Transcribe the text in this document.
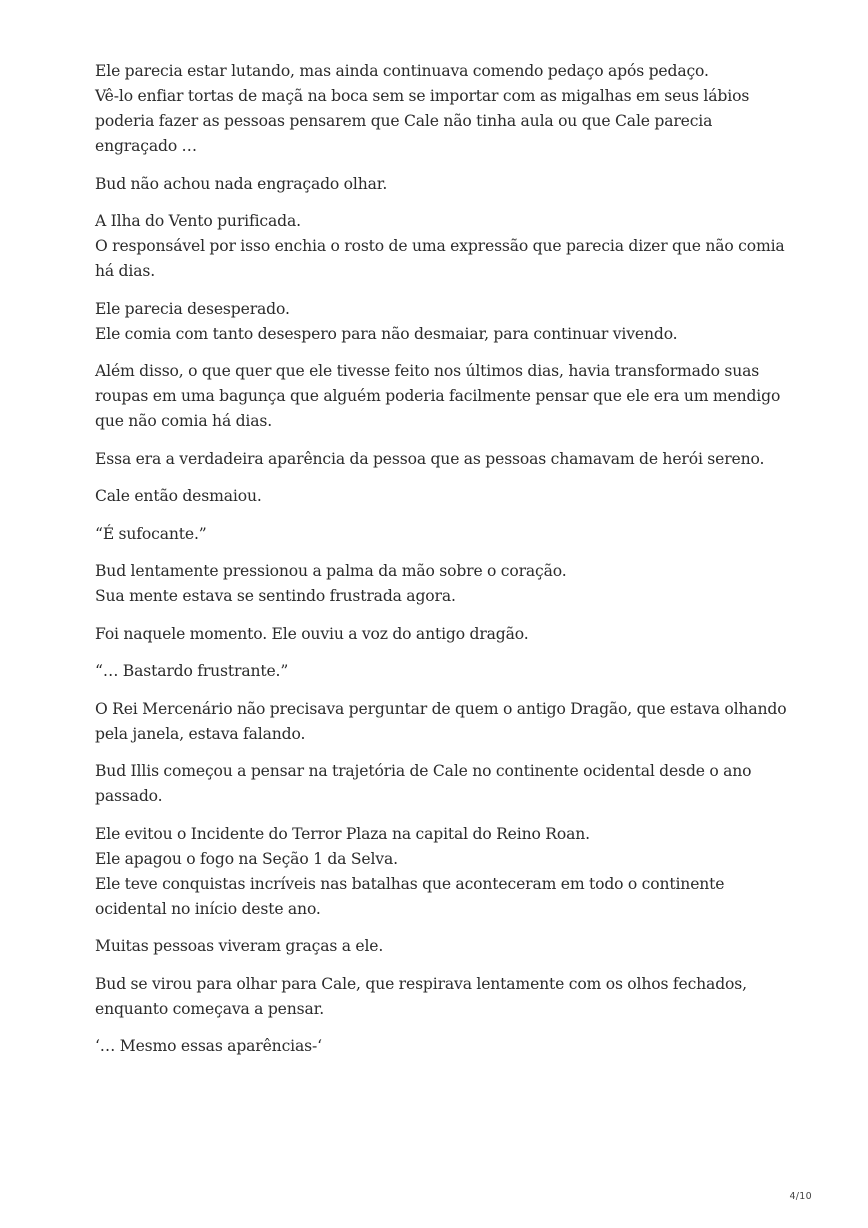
Ele parecia estar lutando, mas ainda continuava comendo pedaço após pedaço.
Vê-lo enfiar tortas de maçã na boca sem se importar com as migalhas em seus lábios
poderia fazer as pessoas pensarem que Cale não tinha aula ou que Cale parecia
engraçado …

Bud não achou nada engraçado olhar.

A Ilha do Vento purificada.
O responsável por isso enchia o rosto de uma expressão que parecia dizer que não comia
há dias.

Ele parecia desesperado.
Ele comia com tanto desespero para não desmaiar, para continuar vivendo.

Além disso, o que quer que ele tivesse feito nos últimos dias, havia transformado suas
roupas em uma bagunça que alguém poderia facilmente pensar que ele era um mendigo
que não comia há dias.

Essa era a verdadeira aparência da pessoa que as pessoas chamavam de herói sereno.

Cale então desmaiou.

“É sufocante.”

Bud lentamente pressionou a palma da mão sobre o coração.
Sua mente estava se sentindo frustrada agora.

Foi naquele momento. Ele ouviu a voz do antigo dragão.

“… Bastardo frustrante.”

O Rei Mercenário não precisava perguntar de quem o antigo Dragão, que estava olhando
pela janela, estava falando.

Bud Illis começou a pensar na trajetória de Cale no continente ocidental desde o ano
passado.

Ele evitou o Incidente do Terror Plaza na capital do Reino Roan.
Ele apagou o fogo na Seção 1 da Selva.
Ele teve conquistas incríveis nas batalhas que aconteceram em todo o continente
ocidental no início deste ano.

Muitas pessoas viveram graças a ele.

Bud se virou para olhar para Cale, que respirava lentamente com os olhos fechados,
enquanto começava a pensar.

‘… Mesmo essas aparências-‘

4/10
